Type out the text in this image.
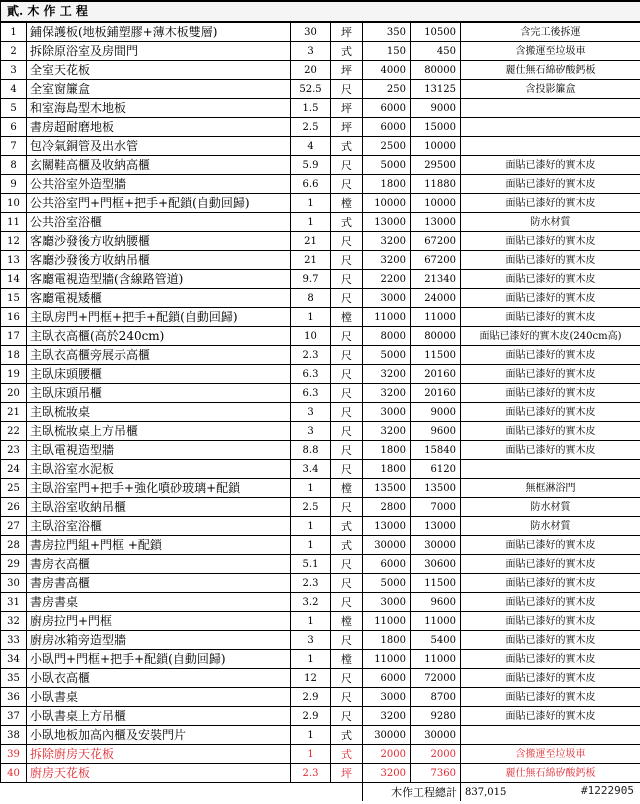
貳. 木 作 工 程						
1	鋪保護板(地板鋪塑膠+薄木板雙層)	30	坪	350	10500	含完工後拆運
2	拆除原浴室及房間門	3	式	150	450	含搬運至垃圾車
3	全室天花板	20	坪	4000	80000	麗仕無石綿矽酸鈣板
4	全室窗簾盒	52.5	尺	250	13125	含投影簾盒
5	和室海島型木地板	1.5	坪	6000	9000	
6	書房超耐磨地板	2.5	坪	6000	15000	
7	包冷氣銅管及出水管	4	式	2500	10000	
8	玄關鞋高櫃及收納高櫃	5.9	尺	5000	29500	面貼已漆好的實木皮
9	公共浴室外造型牆	6.6	尺	1800	11880	面貼已漆好的實木皮
10	公共浴室門+門框+把手+配鎖(自動回歸)	1	樘	10000	10000	面貼已漆好的實木皮
11	公共浴室浴櫃	1	式	13000	13000	防水材質
12	客廳沙發後方收納腰櫃	21	尺	3200	67200	面貼已漆好的實木皮
13	客廳沙發後方收納吊櫃	21	尺	3200	67200	面貼已漆好的實木皮
14	客廳電視造型牆(含線路管道)	9.7	尺	2200	21340	面貼已漆好的實木皮
15	客廳電視矮櫃	8	尺	3000	24000	面貼已漆好的實木皮
16	主臥房門+門框+把手+配鎖(自動回歸)	1	樘	11000	11000	面貼已漆好的實木皮
17	主臥衣高櫃(高於240cm)	10	尺	8000	80000	面貼已漆好的實木皮(240cm高)
18	主臥衣高櫃旁展示高櫃	2.3	尺	5000	11500	面貼已漆好的實木皮
19	主臥床頭腰櫃	6.3	尺	3200	20160	面貼已漆好的實木皮
20	主臥床頭吊櫃	6.3	尺	3200	20160	面貼已漆好的實木皮
21	主臥梳妝桌	3	尺	3000	9000	面貼已漆好的實木皮
22	主臥梳妝桌上方吊櫃	3	尺	3200	9600	面貼已漆好的實木皮
23	主臥電視造型牆	8.8	尺	1800	15840	面貼已漆好的實木皮
24	主臥浴室水泥板	3.4	尺	1800	6120	
25	主臥浴室門+把手+強化噴砂玻璃+配鎖	1	樘	13500	13500	無框淋浴門
26	主臥浴室收納吊櫃	2.5	尺	2800	7000	防水材質
27	主臥浴室浴櫃	1	式	13000	13000	防水材質
28	書房拉門組+門框 +配鎖	1	式	30000	30000	面貼已漆好的實木皮
29	書房衣高櫃	5.1	尺	6000	30600	面貼已漆好的實木皮
30	書房書高櫃	2.3	尺	5000	11500	面貼已漆好的實木皮
31	書房書桌	3.2	尺	3000	9600	面貼已漆好的實木皮
32	廚房拉門+門框	1	樘	11000	11000	面貼已漆好的實木皮
33	廚房冰箱旁造型牆	3	尺	1800	5400	面貼已漆好的實木皮
34	小臥門+門框+把手+配鎖(自動回歸)	1	樘	11000	11000	面貼已漆好的實木皮
35	小臥衣高櫃	12	尺	6000	72000	面貼已漆好的實木皮
36	小臥書桌	2.9	尺	3000	8700	面貼已漆好的實木皮
37	小臥書桌上方吊櫃	2.9	尺	3200	9280	面貼已漆好的實木皮
38	小臥地板加高內櫃及安裝門片	1	式	30000	30000	
39	拆除廚房天花板	1	式	2000	2000	含搬運至垃圾車
40	廚房天花板	2.3	坪	3200	7360	麗仕無石綿矽酸鈣板
				木作工程總計		837,015	#1222905
